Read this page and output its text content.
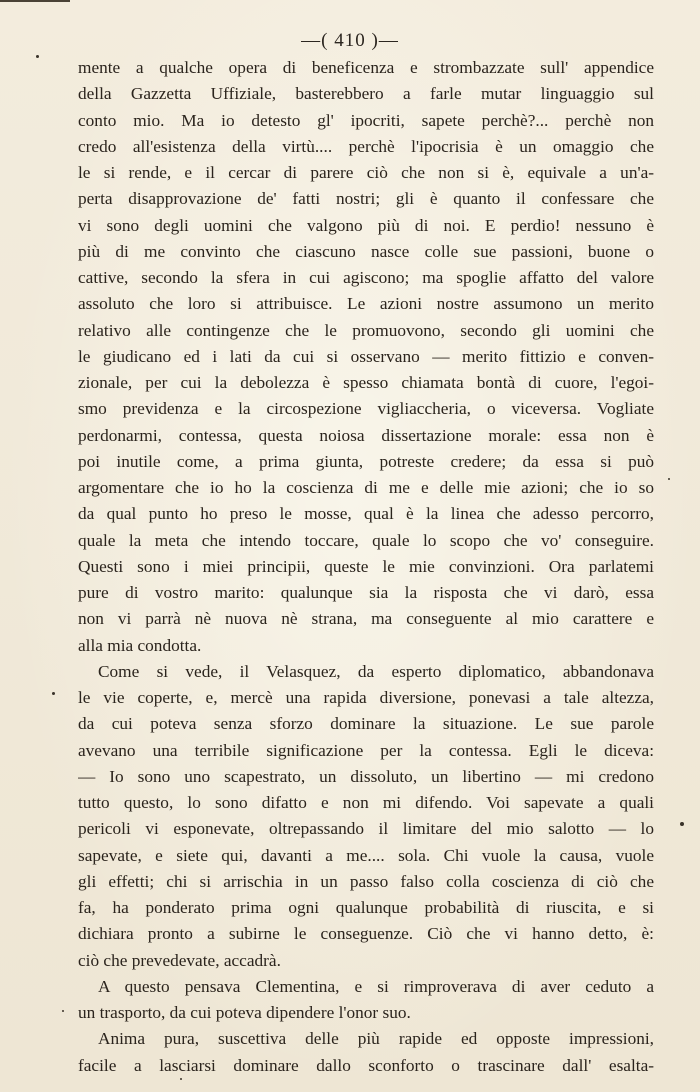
—( 410 )—
mente a qualche opera di beneficenza e strombazzate sull' appendice
della Gazzetta Uffiziale, basterebbero a farle mutar linguaggio sul
conto mio. Ma io detesto gl' ipocriti, sapete perchè?... perchè non
credo all'esistenza della virtù.... perchè l'ipocrisia è un omaggio che
le si rende, e il cercar di parere ciò che non si è, equivale a un'a-
perta disapprovazione de' fatti nostri; gli è quanto il confessare che
vi sono degli uomini che valgono più di noi. E perdio! nessuno è
più di me convinto che ciascuno nasce colle sue passioni, buone o
cattive, secondo la sfera in cui agiscono; ma spoglie affatto del valore
assoluto che loro si attribuisce. Le azioni nostre assumono un merito
relativo alle contingenze che le promuovono, secondo gli uomini che
le giudicano ed i lati da cui si osservano — merito fittizio e conven-
zionale, per cui la debolezza è spesso chiamata bontà di cuore, l'egoi-
smo previdenza e la circospezione vigliaccheria, o viceversa. Vogliate
perdonarmi, contessa, questa noiosa dissertazione morale: essa non è
poi inutile come, a prima giunta, potreste credere; da essa si può
argomentare che io ho la coscienza di me e delle mie azioni; che io so
da qual punto ho preso le mosse, qual è la linea che adesso percorro,
quale la meta che intendo toccare, quale lo scopo che vo' conseguire.
Questi sono i miei principii, queste le mie convinzioni. Ora parlatemi
pure di vostro marito: qualunque sia la risposta che vi darò, essa
non vi parrà nè nuova nè strana, ma conseguente al mio carattere e
alla mia condotta.
Come si vede, il Velasquez, da esperto diplomatico, abbandonava
le vie coperte, e, mercè una rapida diversione, ponevasi a tale altezza,
da cui poteva senza sforzo dominare la situazione. Le sue parole
avevano una terribile significazione per la contessa. Egli le diceva:
— Io sono uno scapestrato, un dissoluto, un libertino — mi credono
tutto questo, lo sono difatto e non mi difendo. Voi sapevate a quali
pericoli vi esponevate, oltrepassando il limitare del mio salotto — lo
sapevate, e siete qui, davanti a me.... sola. Chi vuole la causa, vuole
gli effetti; chi si arrischia in un passo falso colla coscienza di ciò che
fa, ha ponderato prima ogni qualunque probabilità di riuscita, e si
dichiara pronto a subirne le conseguenze. Ciò che vi hanno detto, è:
ciò che prevedevate, accadrà.
A questo pensava Clementina, e si rimproverava di aver ceduto a
un trasporto, da cui poteva dipendere l'onor suo.
Anima pura, suscettiva delle più rapide ed opposte impressioni,
facile a lasciarsi dominare dallo sconforto o trascinare dall' esalta-
